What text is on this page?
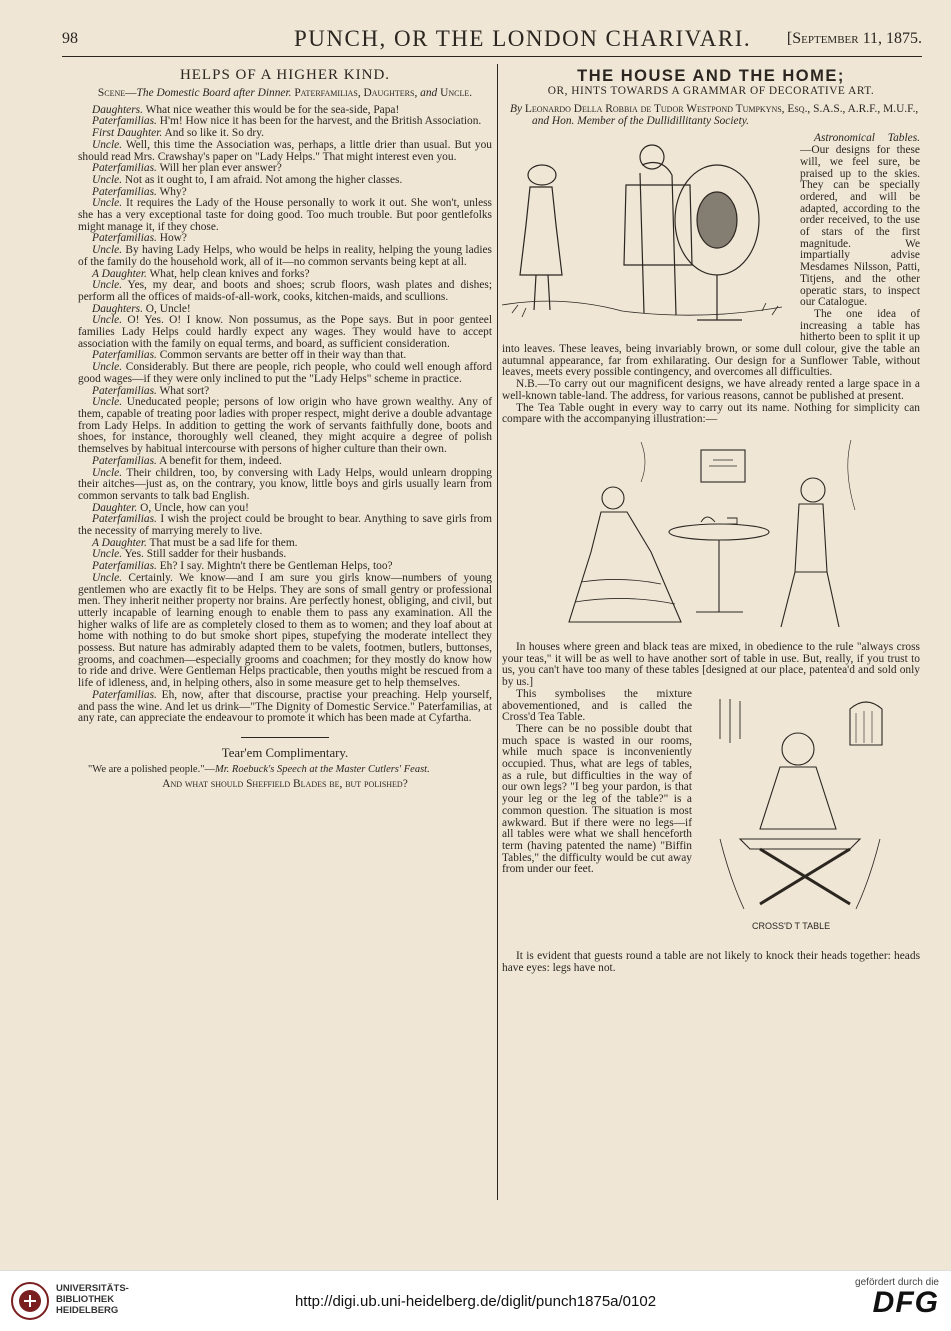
98	PUNCH, OR THE LONDON CHARIVARI. [September 11, 1875.
HELPS OF A HIGHER KIND.
Scene—The Domestic Board after Dinner. Paterfamilias, Daughters, and Uncle.

Daughters. What nice weather this would be for the sea-side, Papa!

Paterfamilias. H'm! How nice it has been for the harvest, and the British Association.

First Daughter. And so like it. So dry.

Uncle. Well, this time the Association was, perhaps, a little drier than usual. But you should read Mrs. Crawshay's paper on "Lady Helps." That might interest even you.

Paterfamilias. Will her plan ever answer?

Uncle. Not as it ought to, I am afraid. Not among the higher classes.

Paterfamilias. Why?

Uncle. It requires the Lady of the House personally to work it out. She won't, unless she has a very exceptional taste for doing good. Too much trouble. But poor gentlefolks might manage it, if they chose.

Paterfamilias. How?

Uncle. By having Lady Helps, who would be helps in reality, helping the young ladies of the family do the household work, all of it—no common servants being kept at all.

A Daughter. What, help clean knives and forks?

Uncle. Yes, my dear, and boots and shoes; scrub floors, wash plates and dishes; perform all the offices of maids-of-all-work, cooks, kitchen-maids, and scullions.

Daughters. O, Uncle!

Uncle. O! Yes. O! I know. Non possumus, as the Pope says. But in poor genteel families Lady Helps could hardly expect any wages. They would have to accept association with the family on equal terms, and board, as sufficient consideration.

Paterfamilias. Common servants are better off in their way than that.

Uncle. Considerably. But there are people, rich people, who could well enough afford good wages—if they were only inclined to put the "Lady Helps" scheme in practice.

Paterfamilias. What sort?

Uncle. Uneducated people; persons of low origin who have grown wealthy. Any of them, capable of treating poor ladies with proper respect, might derive a double advantage from Lady Helps. In addition to getting the work of servants faithfully done, boots and shoes, for instance, thoroughly well cleaned, they might acquire a degree of polish themselves by habitual intercourse with persons of higher culture than their own.

Paterfamilias. A benefit for them, indeed.

Uncle. Their children, too, by conversing with Lady Helps, would unlearn dropping their aitches—just as, on the contrary, you know, little boys and girls usually learn from common servants to talk bad English.

Daughter. O, Uncle, how can you!

Paterfamilias. I wish the project could be brought to bear. Anything to save girls from the necessity of marrying merely to live.

A Daughter. That must be a sad life for them.

Uncle. Yes. Still sadder for their husbands.

Paterfamilias. Eh? I say. Mightn't there be Gentleman Helps, too?

Uncle. Certainly. We know—and I am sure you girls know—numbers of young gentlemen who are exactly fit to be Helps. They are sons of small gentry or professional men. They inherit neither property nor brains. Are perfectly honest, obliging, and civil, but utterly incapable of learning enough to enable them to pass any examination. All the higher walks of life are as completely closed to them as to women; and they loaf about at home with nothing to do but smoke short pipes, stupefying the moderate intellect they possess. But nature has admirably adapted them to be valets, footmen, butlers, buttonses, grooms, and coachmen—especially grooms and coachmen; for they mostly do know how to ride and drive. Were Gentleman Helps practicable, then youths might be rescued from a life of idleness, and, in helping others, also in some measure get to help themselves.

Paterfamilias. Eh, now, after that discourse, practise your preaching. Help yourself, and pass the wine. And let us drink—"The Dignity of Domestic Service." Paterfamilias, at any rate, can appreciate the endeavour to promote it which has been made at Cyfartha.

Tear'em Complimentary.
"We are a polished people."—Mr. Roebuck's Speech at the Master Cutlers' Feast.
And what should Sheffield Blades be, but polished?
THE HOUSE AND THE HOME;
OR, HINTS TOWARDS A GRAMMAR OF DECORATIVE ART.
By Leonardo Della Robbia de Tudor Westpond Tumpkyns, Esq., S.A.S., A.R.F., M.U.F., and Hon. Member of the Dullidillitanty Society.

Astronomical Tables.—Our designs for these will, we feel sure, be praised up to the skies. They can be specially ordered, and will be adapted, according to the order received, to the use of stars of the first magnitude. We impartially advise Mesdames Nilsson, Patti, Titjens, and the other operatic stars, to inspect our Catalogue.

The one idea of increasing a table has hitherto been to split it up into leaves. These leaves, being invariably brown, or some dull colour, give the table an autumnal appearance, far from exhilarating. Our design for a Sunflower Table, without leaves, meets every possible contingency, and overcomes all difficulties.

N.B.—To carry out our magnificent designs, we have already rented a large space in a well-known table-land. The address, for various reasons, cannot be published at present.

The Tea Table ought in every way to carry out its name. Nothing for simplicity can compare with the accompanying illustration:—

In houses where green and black teas are mixed, in obedience to the rule "always cross your teas," it will be as well to have another sort of table in use. But, really, if you trust to us, you can't have too many of these tables [designed at our place, patentea'd and sold only by us.]

CROSS'D T TABLE

This symbolises the mixture abovementioned, and is called the Cross'd Tea Table.

There can be no possible doubt that much space is wasted in our rooms, while much space is inconveniently occupied. Thus, what are legs of tables, as a rule, but difficulties in the way of our own legs? "I beg your pardon, is that your leg or the leg of the table?" is a common question. The situation is most awkward. But if there were no legs—if all tables were what we shall henceforth term (having patented the name) "Biffin Tables," the difficulty would be cut away from under our feet.

It is evident that guests round a table are not likely to knock their heads together: heads have eyes: legs have not.

UNIVERSITÄTS-
BIBLIOTHEK
HEIDELBERG
http://digi.ub.uni-heidelberg.de/diglit/punch1875a/0102
gefördert durch die
DFG
